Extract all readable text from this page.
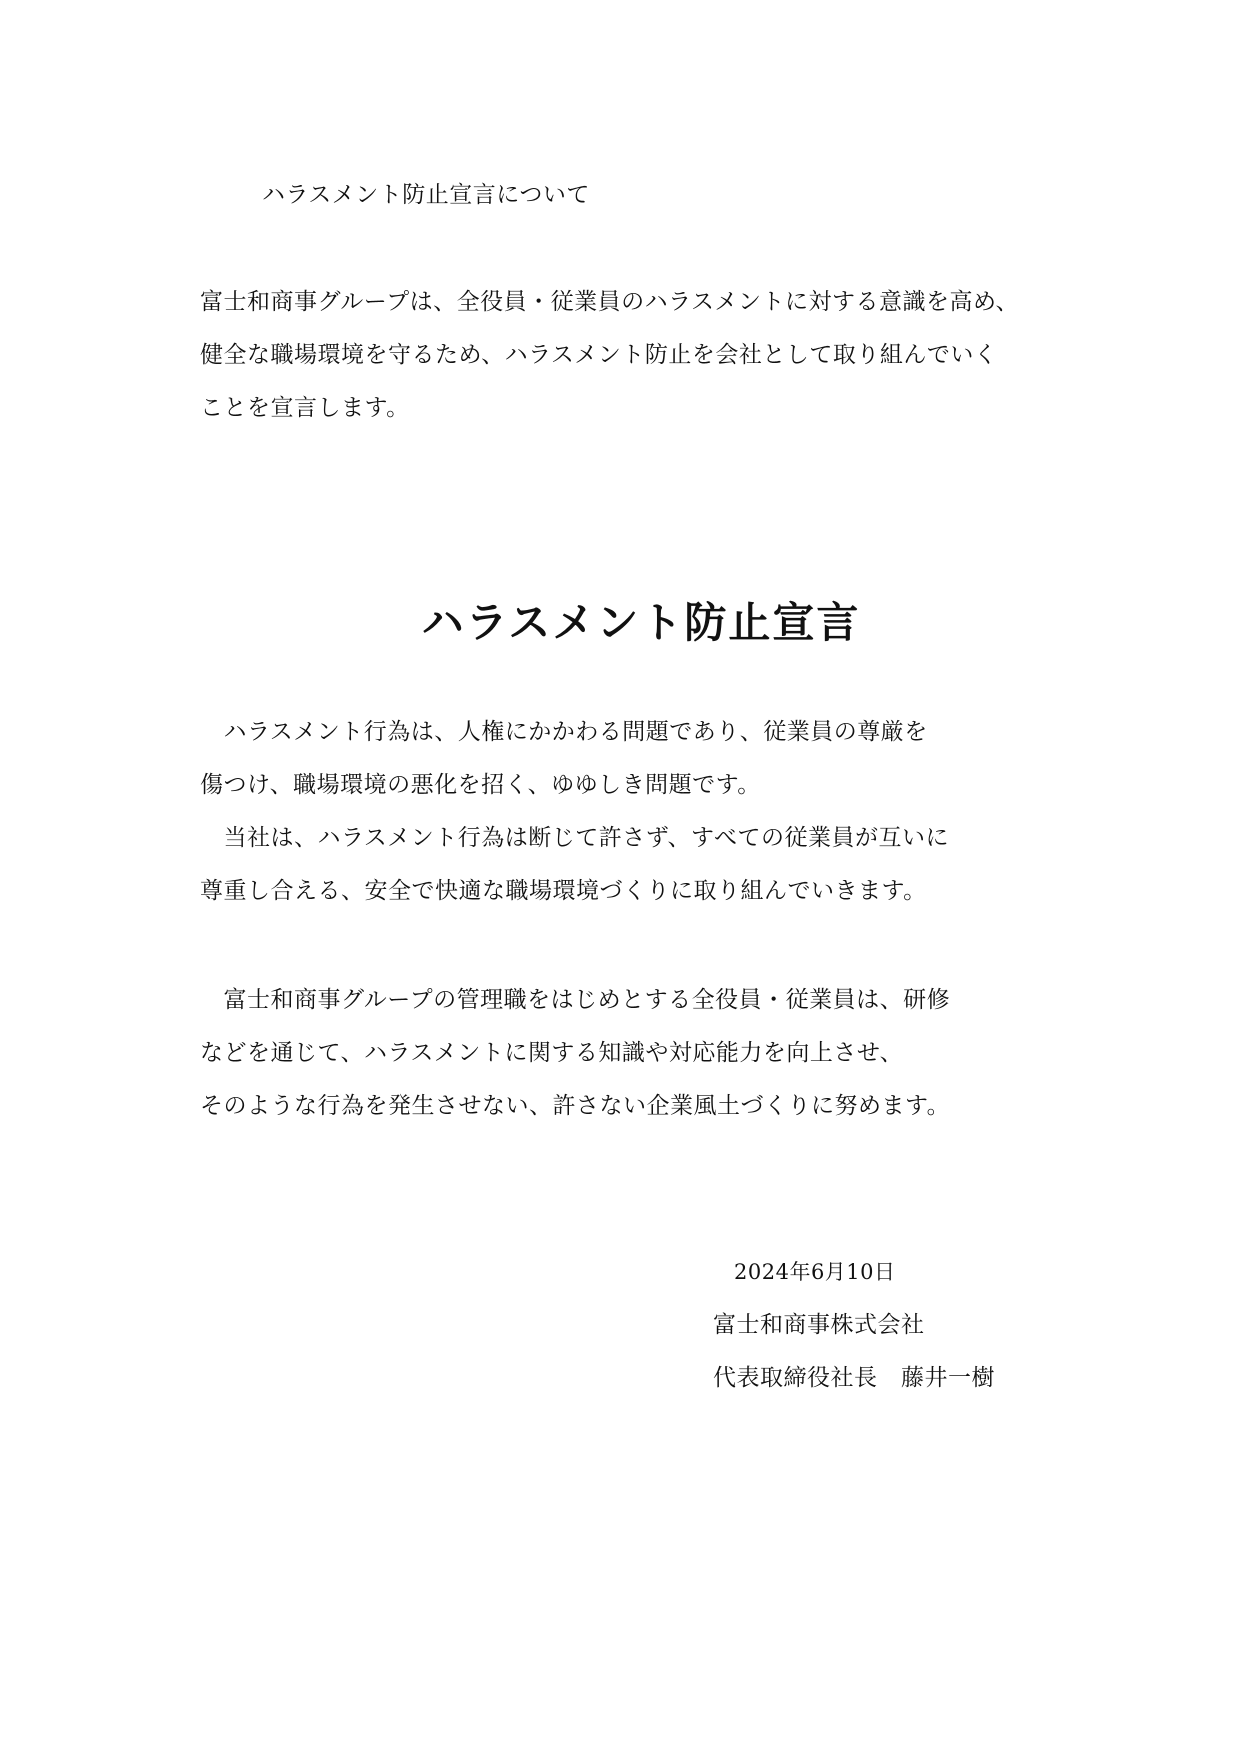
ハラスメント防止宣言について
富士和商事グループは、全役員・従業員のハラスメントに対する意識を高め、
健全な職場環境を守るため、ハラスメント防止を会社として取り組んでいく
ことを宣言します。
ハラスメント防止宣言
　ハラスメント行為は、人権にかかわる問題であり、従業員の尊厳を
傷つけ、職場環境の悪化を招く、ゆゆしき問題です。
　当社は、ハラスメント行為は断じて許さず、すべての従業員が互いに
尊重し合える、安全で快適な職場環境づくりに取り組んでいきます。
　富士和商事グループの管理職をはじめとする全役員・従業員は、研修
などを通じて、ハラスメントに関する知識や対応能力を向上させ、
そのような行為を発生させない、許さない企業風土づくりに努めます。
2024年6月10日
富士和商事株式会社
代表取締役社長　藤井一樹
